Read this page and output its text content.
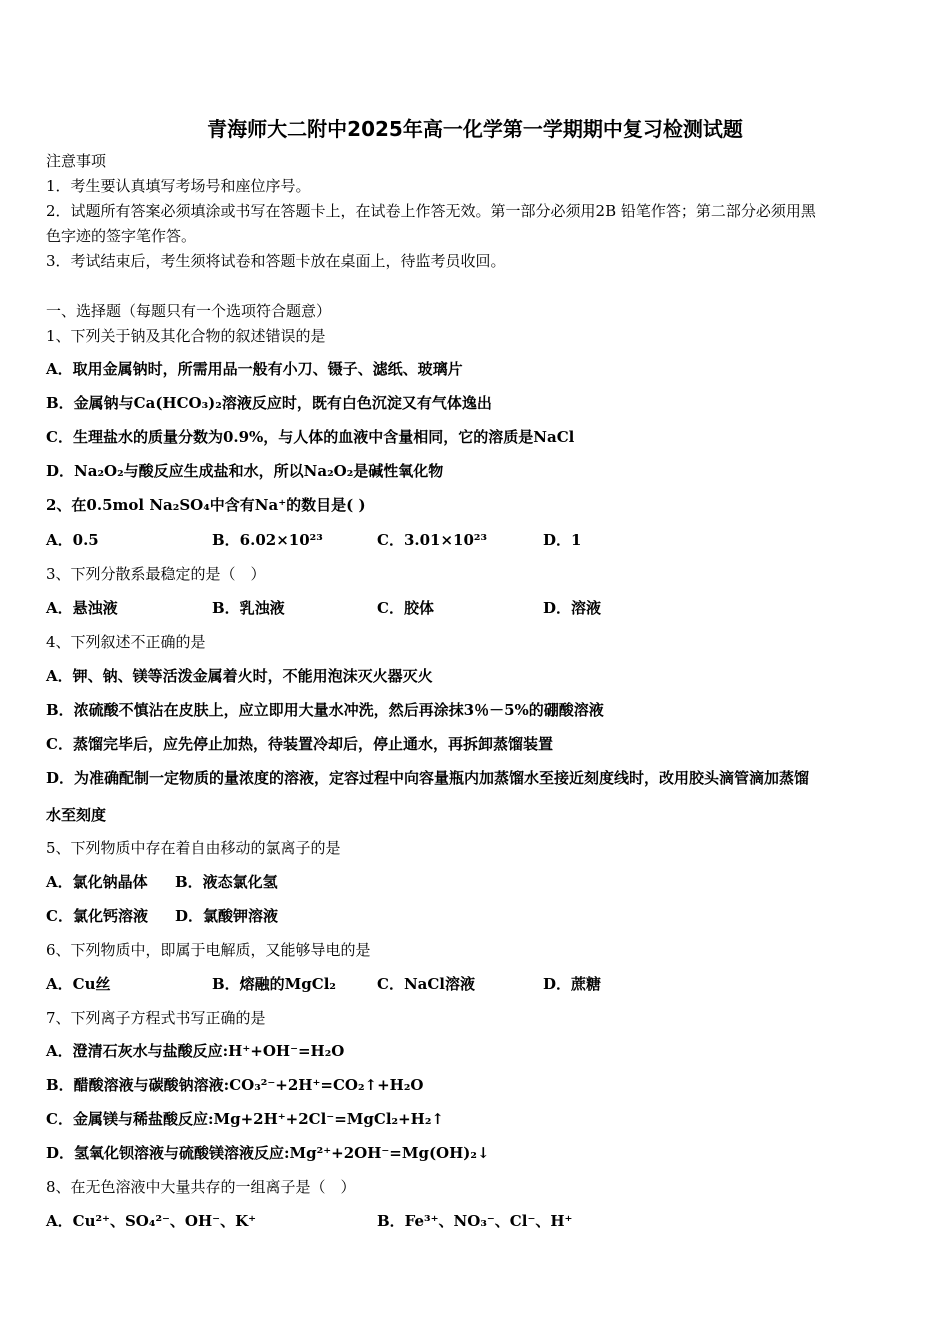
青海师大二附中2025年高一化学第一学期期中复习检测试题
注意事项
1．考生要认真填写考场号和座位序号。
2．试题所有答案必须填涂或书写在答题卡上，在试卷上作答无效。第一部分必须用2B 铅笔作答；第二部分必须用黑
色字迹的签字笔作答。
3．考试结束后，考生须将试卷和答题卡放在桌面上，待监考员收回。
一、选择题（每题只有一个选项符合题意）
1、下列关于钠及其化合物的叙述错误的是
A．取用金属钠时，所需用品一般有小刀、镊子、滤纸、玻璃片
B．金属钠与Ca(HCO₃)₂溶液反应时，既有白色沉淀又有气体逸出
C．生理盐水的质量分数为0.9%，与人体的血液中含量相同，它的溶质是NaCl
D．Na₂O₂与酸反应生成盐和水，所以Na₂O₂是碱性氧化物
2、在0.5mol Na₂SO₄中含有Na⁺的数目是( )
A．0.5	B．6.02×10²³	C．3.01×10²³	D．1
3、下列分散系最稳定的是（　）
A．悬浊液	B．乳浊液	C．胶体	D．溶液
4、下列叙述不正确的是
A．钾、钠、镁等活泼金属着火时，不能用泡沫灭火器灭火
B．浓硫酸不慎沾在皮肤上，应立即用大量水冲洗，然后再涂抹3％－5%的硼酸溶液
C．蒸馏完毕后，应先停止加热，待装置冷却后，停止通水，再拆卸蒸馏装置
D．为准确配制一定物质的量浓度的溶液，定容过程中向容量瓶内加蒸馏水至接近刻度线时，改用胶头滴管滴加蒸馏
水至刻度
5、下列物质中存在着自由移动的氯离子的是
A．氯化钠晶体 B．液态氯化氢
C．氯化钙溶液 D．氯酸钾溶液
6、下列物质中，即属于电解质，又能够导电的是
A．Cu丝	B．熔融的MgCl₂	C．NaCl溶液	D．蔗糖
7、下列离子方程式书写正确的是
A．澄清石灰水与盐酸反应:H⁺+OH⁻=H₂O
B．醋酸溶液与碳酸钠溶液:CO₃²⁻+2H⁺=CO₂↑+H₂O
C．金属镁与稀盐酸反应:Mg+2H⁺+2Cl⁻=MgCl₂+H₂↑
D．氢氧化钡溶液与硫酸镁溶液反应:Mg²⁺+2OH⁻=Mg(OH)₂↓
8、在无色溶液中大量共存的一组离子是（　）
A．Cu²⁺、SO₄²⁻、OH⁻、K⁺	B．Fe³⁺、NO₃⁻、Cl⁻、H⁺
